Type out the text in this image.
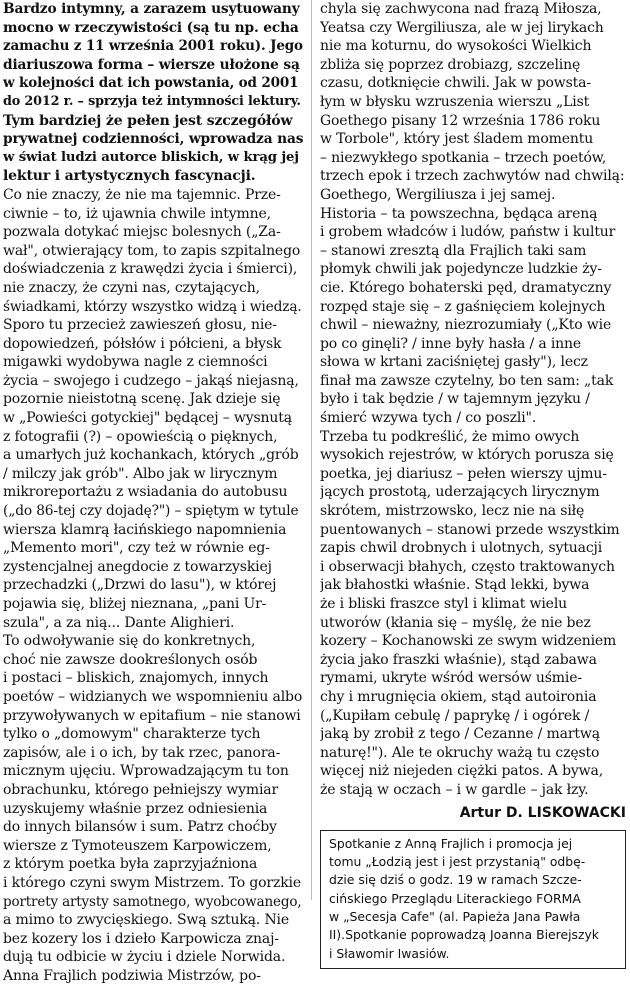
Bardzo intymny, a zarazem usytuowany
mocno w rzeczywistości (są tu np. echa
zamachu z 11 września 2001 roku). Jego
diariuszowa forma – wiersze ułożone są
w kolejności dat ich powstania, od 2001
do 2012 r. – sprzyja też intymności lektury.
Tym bardziej że pełen jest szczegółów
prywatnej codzienności, wprowadza nas
w świat ludzi autorce bliskich, w krąg jej
lektur i artystycznych fascynacji.
Co nie znaczy, że nie ma tajemnic. Prze-
ciwnie – to, iż ujawnia chwile intymne,
pozwala dotykać miejsc bolesnych („Za-
wał", otwierający tom, to zapis szpitalnego
doświadczenia z krawędzi życia i śmierci),
nie znaczy, że czyni nas, czytających,
świadkami, którzy wszystko widzą i wiedzą.
Sporo tu przecież zawieszeń głosu, nie-
dopowiedzeń, półsłów i półcieni, a błysk
migawki wydobywa nagle z ciemności
życia – swojego i cudzego – jakąś niejasną,
pozornie nieistotną scenę. Jak dzieje się
w „Powieści gotyckiej" będącej – wysnutą
z fotografii (?) – opowieścią o pięknych,
a umarłych już kochankach, których „grób
/ milczy jak grób". Albo jak w lirycznym
mikroreportażu z wsiadania do autobusu
(„do 86-tej czy dojadę?") – spiętym w tytule
wiersza klamrą łacińskiego napomnienia
„Memento mori", czy też w równie eg-
zystencjalnej anegdocie z towarzyskiej
przechadzki („Drzwi do lasu"), w której
pojawia się, bliżej nieznana, „pani Ur-
szula", a za nią... Dante Alighieri.
To odwoływanie się do konkretnych,
choć nie zawsze dookreślonych osób
i postaci – bliskich, znajomych, innych
poetów – widzianych we wspomnieniu albo
przywoływanych w epitafium – nie stanowi
tylko o „domowym" charakterze tych
zapisów, ale i o ich, by tak rzec, panora-
micznym ujęciu. Wprowadzającym tu ton
obrachunku, którego pełniejszy wymiar
uzyskujemy właśnie przez odniesienia
do innych bilansów i sum. Patrz choćby
wiersze z Tymoteuszem Karpowiczem,
z którym poetka była zaprzyjaźniona
i którego czyni swym Mistrzem. To gorzkie
portrety artysty samotnego, wyobcowanego,
a mimo to zwycięskiego. Swą sztuką. Nie
bez kozery los i dzieło Karpowicza znaj-
dują tu odbicie w życiu i dziele Norwida.
Anna Frajlich podziwia Mistrzów, po-
chyla się zachwycona nad frazą Miłosza,
Yeatsa czy Wergiliusza, ale w jej lirykach
nie ma koturnu, do wysokości Wielkich
zbliża się poprzez drobiazg, szczelinę
czasu, dotknięcie chwili. Jak w powsta-
łym w błysku wzruszenia wierszu „List
Goethego pisany 12 września 1786 roku
w Torbole", który jest śladem momentu
– niezwykłego spotkania – trzech poetów,
trzech epok i trzech zachwytów nad chwilą:
Goethego, Wergiliusza i jej samej.
Historia – ta powszechna, będąca areną
i grobem władców i ludów, państw i kultur
– stanowi zresztą dla Frajlich taki sam
płomyk chwili jak pojedyncze ludzkie ży-
cie. Którego bohaterski pęd, dramatyczny
rozpęd staje się – z gaśnięciem kolejnych
chwil – nieważny, niezrozumiały („Kto wie
po co ginęli? / inne były hasła / a inne
słowa w krtani zaciśniętej gasły"), lecz
finał ma zawsze czytelny, bo ten sam: „tak
było i tak będzie / w tajemnym języku /
śmierć wzywa tych / co poszli".
Trzeba tu podkreślić, że mimo owych
wysokich rejestrów, w których porusza się
poetka, jej diariusz – pełen wierszy ujmu-
jących prostotą, uderzających lirycznym
skrótem, mistrzowsko, lecz nie na siłę
puentowanych – stanowi przede wszystkim
zapis chwil drobnych i ulotnych, sytuacji
i obserwacji błahych, często traktowanych
jak błahostki właśnie. Stąd lekki, bywa
że i bliski fraszce styl i klimat wielu
utworów (kłania się – myślę, że nie bez
kozery – Kochanowski ze swym widzeniem
życia jako fraszki właśnie), stąd zabawa
rymami, ukryte wśród wersów uśmie-
chy i mrugnięcia okiem, stąd autoironia
(„Kupiłam cebulę / paprykę / i ogórek /
jaką by zrobił z tego / Cezanne / martwą
naturę!"). Ale te okruchy ważą tu często
więcej niż niejeden ciężki patos. A bywa,
że stają w oczach – i w gardle – jak łzy.
Artur D. LISKOWACKI
Spotkanie z Anną Frajlich i promocja jej
tomu „Łodzią jest i jest przystanią" odbę-
dzie się dziś o godz. 19 w ramach Szcze-
cińskiego Przeglądu Literackiego FORMA
w „Secesja Cafe" (al. Papieża Jana Pawła
II).Spotkanie poprowadzą Joanna Bierejszyk
i Sławomir Iwasiów.
